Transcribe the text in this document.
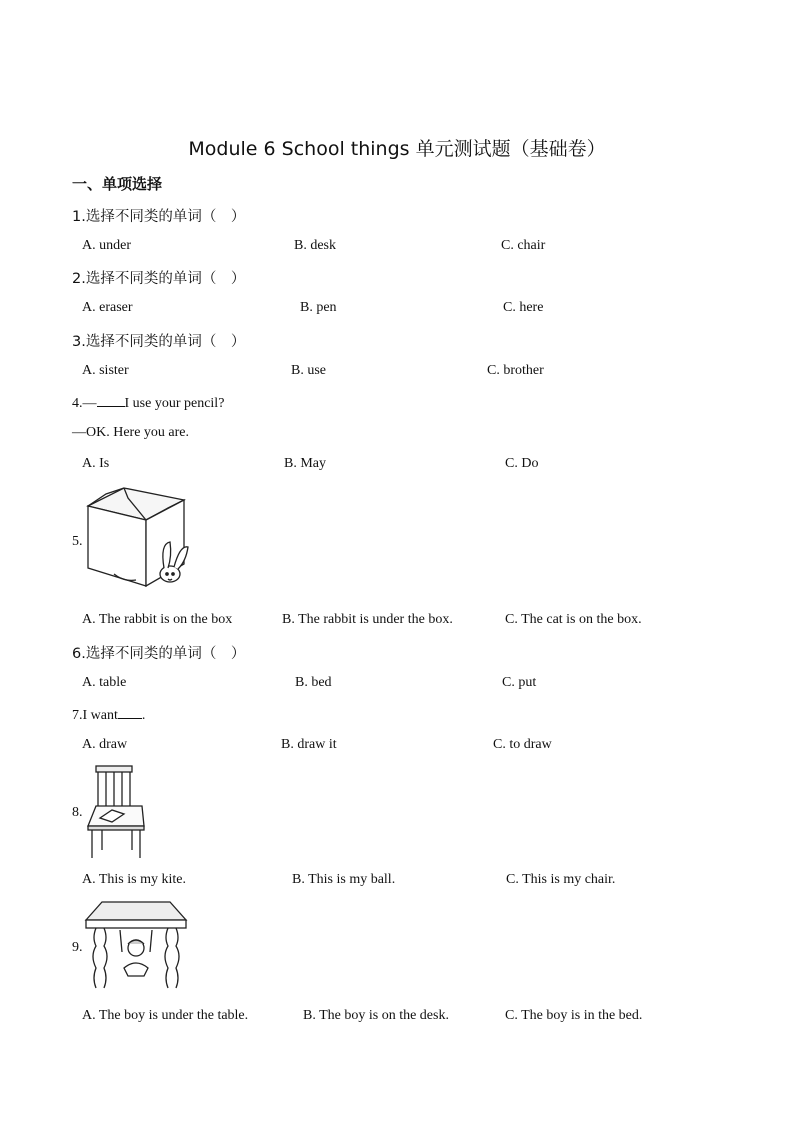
Module 6 School things 单元测试题（基础卷）
一、单项选择
1.选择不同类的单词（　）
A. under	B. desk	C. chair
2.选择不同类的单词（　）
A. eraser	B. pen	C. here
3.选择不同类的单词（　）
A. sister	B. use	C. brother
4.— I use your pencil?
—OK. Here you are.
A. Is	B. May	C. Do
5.
A. The rabbit is on the box	B. The rabbit is under the box.	C. The cat is on the box.
6.选择不同类的单词（　）
A. table	B. bed	C. put
7.I want .
A. draw	B. draw it	C. to draw
8.
A. This is my kite.	B. This is my ball.	C. This is my chair.
9.
A. The boy is under the table.	B. The boy is on the desk.	C. The boy is in the bed.
